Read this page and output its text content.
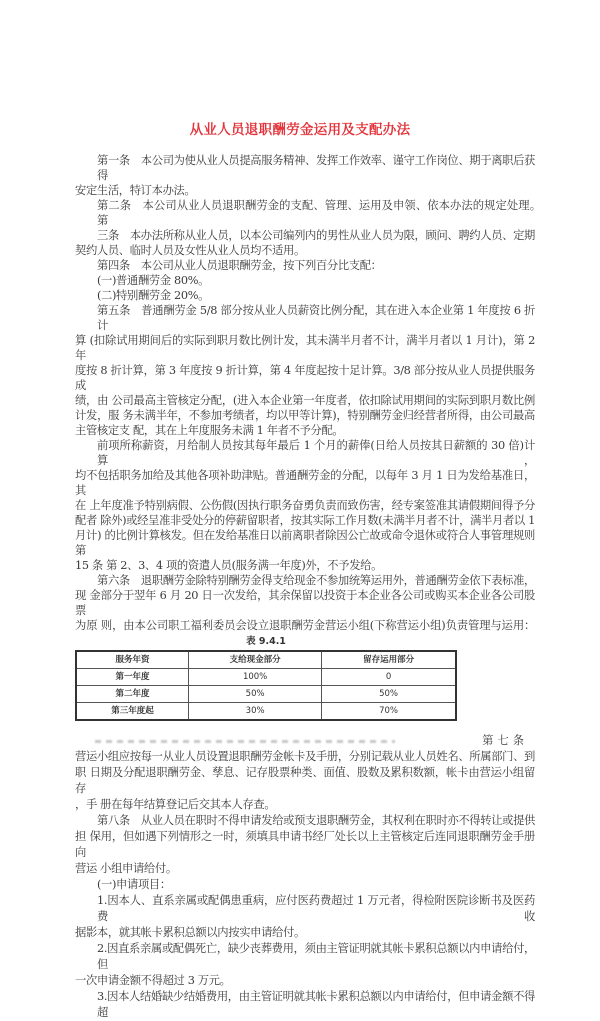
从业人员退职酬劳金运用及支配办法
第一条　本公司为使从业人员提高服务精神、发挥工作效率、谨守工作岗位、期于离职后获得
安定生活，特订本办法。
第二条　本公司从业人员退职酬劳金的支配、管理、运用及申领、依本办法的规定处理。　第
三条　本办法所称从业人员，以本公司编列内的男性从业人员为限，顾问、聘约人员、定期
契约人员、临时人员及女性从业人员均不适用。
第四条　本公司从业人员退职酬劳金，按下列百分比支配：
(一)普通酬劳金 80%。
(二)特别酬劳金 20%。
第五条　普通酬劳金 5/8 部分按从业人员薪资比例分配，其在进入本企业第 1 年度按 6 折计
算 (扣除试用期间后的实际到职月数比例计发，其未满半月者不计，满半月者以 1 月计)，第 2 年
度按 8 折计算，第 3 年度按 9 折计算，第 4 年度起按十足计算。3/8 部分按从业人员提供服务成
绩，由 公司最高主管核定分配，(进入本企业第一年度者，依扣除试用期间的实际到职月数比例
计发，服 务未满半年，不参加考绩者，均以甲等计算)，特别酬劳金归经营者所得，由公司最高
主管核定支 配，其在上年度服务未满 1 年者不予分配。
前项所称薪资，月给制人员按其每年最后 1 个月的薪俸(日给人员按其日薪额的 30 倍)计算，
均不包括职务加给及其他各项补助津贴。普通酬劳金的分配，以每年 3 月 1 日为发给基准日，其
在 上年度准予特别病假、公伤假(因执行职务奋勇负责而致伤害，经专案签准其请假期间得予分
配者 除外)或经呈准非受处分的停薪留职者，按其实际工作月数(未满半月者不计，满半月者以 1
月计) 的比例计算核发。但在发给基准日以前离职者除因公亡故或命令退休或符合人事管理规则第
15 条 第 2、3、4 项的资遣人员(服务满一年度)外，不予发给。
第六条　退职酬劳金除特别酬劳金得支给现金不参加统筹运用外，普通酬劳金依下表标准，
现 金部分于翌年 6 月 20 日一次发给，其余保留以投资于本企业各公司或购买本企业各公司股票
为原 则，由本公司职工福利委员会设立退职酬劳金营运小组(下称营运小组)负责管理与运用：
表 9.4.1
服务年资	支给现金部分	留存运用部分
第一年度	100%	0
第二年度	50%	50%
第三年度起	30%	70%
第七条
营运小组应按每一从业人员设置退职酬劳金帐卡及手册，分别记载从业人员姓名、所属部门、到
职 日期及分配退职酬劳金、孳息、记存股票种类、面值、股数及累积数额，帐卡由营运小组留存
，手 册在每年结算登记后交其本人存查。
第八条　从业人员在职时不得申请发给或预支退职酬劳金，其权利在职时亦不得转让或提供
担 保用，但如遇下列情形之一时，须填具申请书经厂处长以上主管核定后连同退职酬劳金手册向
营运 小组申请给付。
(一)申请项目：
1.因本人、直系亲属或配偶患重病，应付医药费超过 1 万元者，得检附医院诊断书及医药费收
据影本，就其帐卡累积总额以内按实申请给付。
2.因直系亲属或配偶死亡，缺少丧葬费用，须由主管证明就其帐卡累积总额以内申请给付，但
一次申请金额不得超过 3 万元。
3.因本人结婚缺少结婚费用，由主管证明就其帐卡累积总额以内申请给付，但申请金额不得超
